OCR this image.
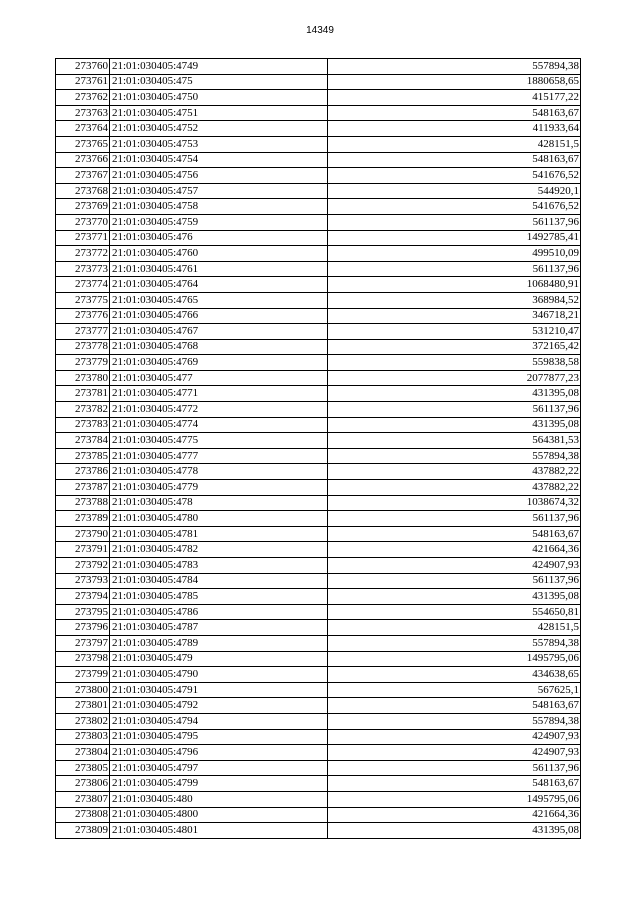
14349
273760	21:01:030405:4749	557894,38
273761	21:01:030405:475	1880658,65
273762	21:01:030405:4750	415177,22
273763	21:01:030405:4751	548163,67
273764	21:01:030405:4752	411933,64
273765	21:01:030405:4753	428151,5
273766	21:01:030405:4754	548163,67
273767	21:01:030405:4756	541676,52
273768	21:01:030405:4757	544920,1
273769	21:01:030405:4758	541676,52
273770	21:01:030405:4759	561137,96
273771	21:01:030405:476	1492785,41
273772	21:01:030405:4760	499510,09
273773	21:01:030405:4761	561137,96
273774	21:01:030405:4764	1068480,91
273775	21:01:030405:4765	368984,52
273776	21:01:030405:4766	346718,21
273777	21:01:030405:4767	531210,47
273778	21:01:030405:4768	372165,42
273779	21:01:030405:4769	559838,58
273780	21:01:030405:477	2077877,23
273781	21:01:030405:4771	431395,08
273782	21:01:030405:4772	561137,96
273783	21:01:030405:4774	431395,08
273784	21:01:030405:4775	564381,53
273785	21:01:030405:4777	557894,38
273786	21:01:030405:4778	437882,22
273787	21:01:030405:4779	437882,22
273788	21:01:030405:478	1038674,32
273789	21:01:030405:4780	561137,96
273790	21:01:030405:4781	548163,67
273791	21:01:030405:4782	421664,36
273792	21:01:030405:4783	424907,93
273793	21:01:030405:4784	561137,96
273794	21:01:030405:4785	431395,08
273795	21:01:030405:4786	554650,81
273796	21:01:030405:4787	428151,5
273797	21:01:030405:4789	557894,38
273798	21:01:030405:479	1495795,06
273799	21:01:030405:4790	434638,65
273800	21:01:030405:4791	567625,1
273801	21:01:030405:4792	548163,67
273802	21:01:030405:4794	557894,38
273803	21:01:030405:4795	424907,93
273804	21:01:030405:4796	424907,93
273805	21:01:030405:4797	561137,96
273806	21:01:030405:4799	548163,67
273807	21:01:030405:480	1495795,06
273808	21:01:030405:4800	421664,36
273809	21:01:030405:4801	431395,08
